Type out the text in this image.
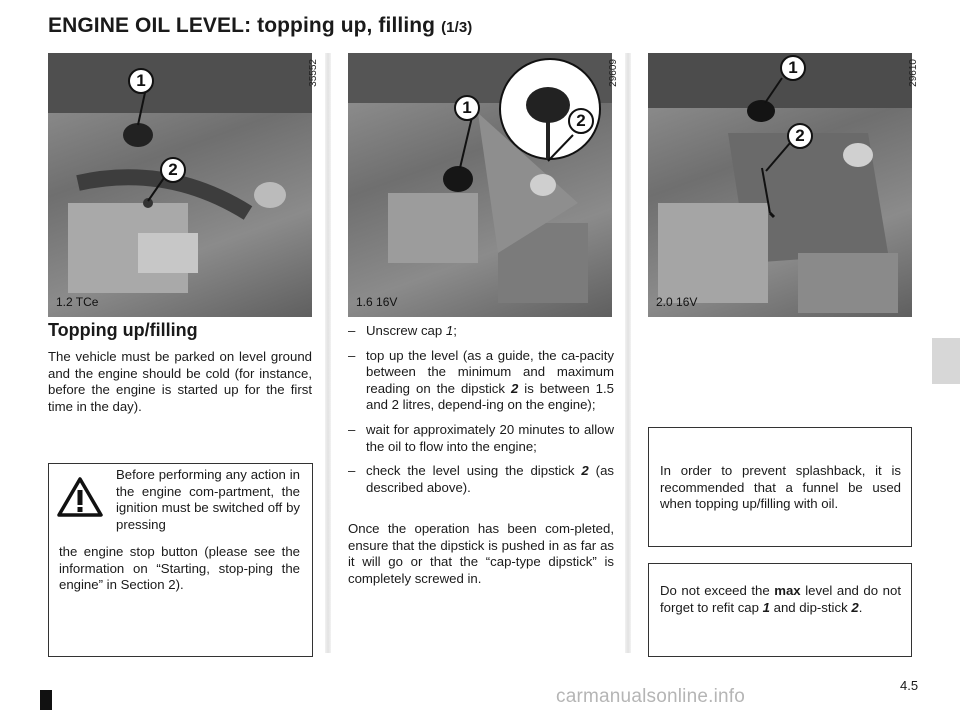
ENGINE OIL LEVEL: topping up, filling (1/3)
35552
1
2
1.2 TCe
29609
1
2
1.6 16V
29610
1
2
2.0 16V
Topping up/filling
The vehicle must be parked on level ground and the engine should be cold (for instance, before the engine is started up for the first time in the day).
Before performing any action in the engine com-partment, the ignition must be switched off by pressing
the engine stop button (please see the information on “Starting, stop-ping the engine” in Section 2).
– Unscrew cap 1;
– top up the level (as a guide, the ca-pacity between the minimum and maximum reading on the dipstick 2 is between 1.5 and 2 litres, depend-ing on the engine);
– wait for approximately 20 minutes to allow the oil to flow into the engine;
– check the level using the dipstick 2 (as described above).
Once the operation has been com-pleted, ensure that the dipstick is pushed in as far as it will go or that the “cap-type dipstick” is completely screwed in.
In order to prevent splashback, it is recommended that a funnel be used when topping up/filling with oil.
Do not exceed the max level and do not forget to refit cap 1 and dip-stick 2.
4.5
carmanualsonline.info
